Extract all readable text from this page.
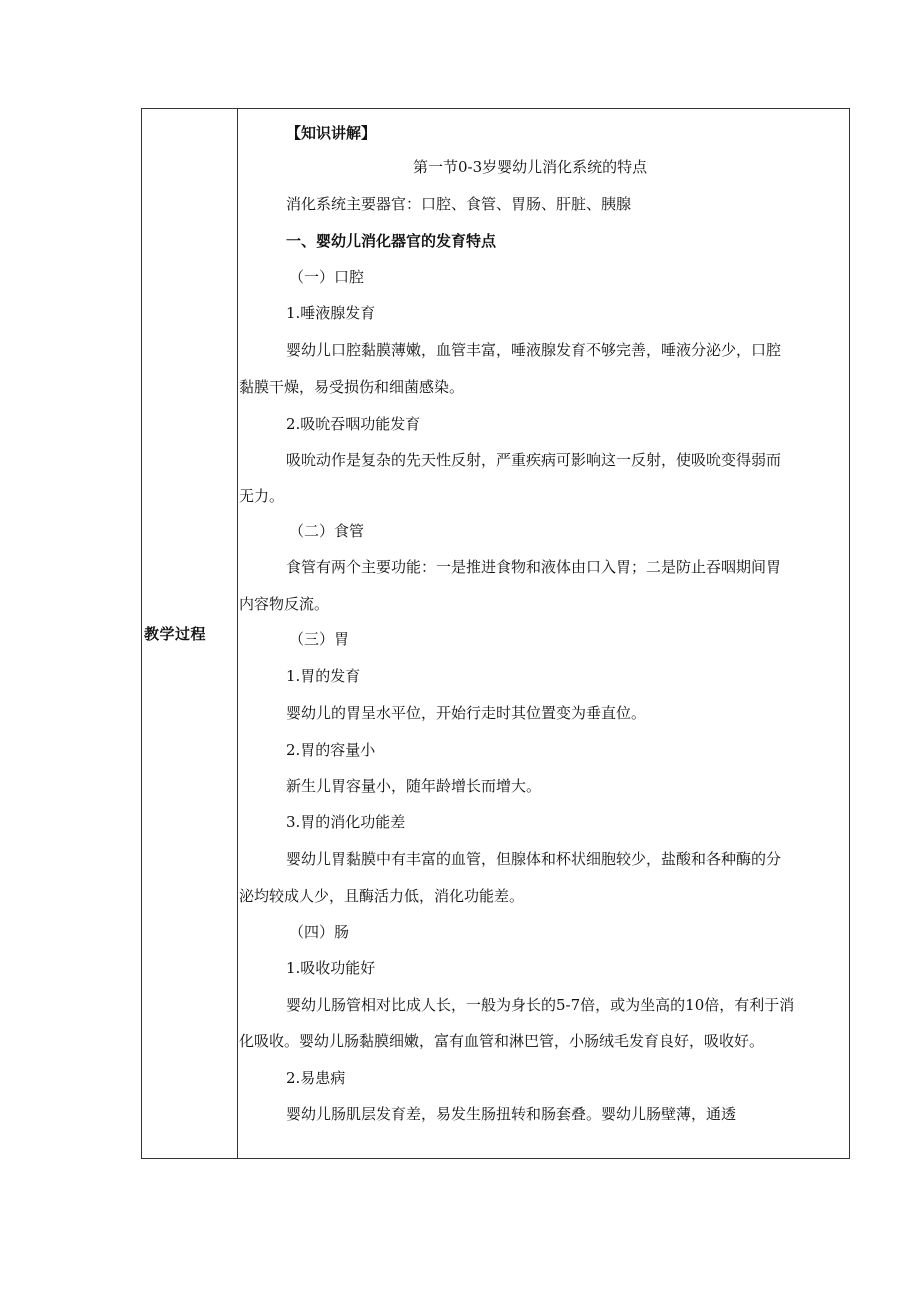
教学过程
【知识讲解】
第一节0-3岁婴幼儿消化系统的特点
消化系统主要器官：口腔、食管、胃肠、肝脏、胰腺
一、婴幼儿消化器官的发育特点
（一）口腔
1.唾液腺发育
婴幼儿口腔黏膜薄嫩，血管丰富，唾液腺发育不够完善，唾液分泌少，口腔
黏膜干燥，易受损伤和细菌感染。
2.吸吮吞咽功能发育
吸吮动作是复杂的先天性反射，严重疾病可影响这一反射，使吸吮变得弱而
无力。
（二）食管
食管有两个主要功能：一是推进食物和液体由口入胃；二是防止吞咽期间胃
内容物反流。
（三）胃
1.胃的发育
婴幼儿的胃呈水平位，开始行走时其位置变为垂直位。
2.胃的容量小
新生儿胃容量小，随年龄增长而增大。
3.胃的消化功能差
婴幼儿胃黏膜中有丰富的血管，但腺体和杯状细胞较少，盐酸和各种酶的分
泌均较成人少，且酶活力低，消化功能差。
（四）肠
1.吸收功能好
婴幼儿肠管相对比成人长，一般为身长的5-7倍，或为坐高的10倍，有利于消
化吸收。婴幼儿肠黏膜细嫩，富有血管和淋巴管，小肠绒毛发育良好，吸收好。
2.易患病
婴幼儿肠肌层发育差，易发生肠扭转和肠套叠。婴幼儿肠壁薄，通透
